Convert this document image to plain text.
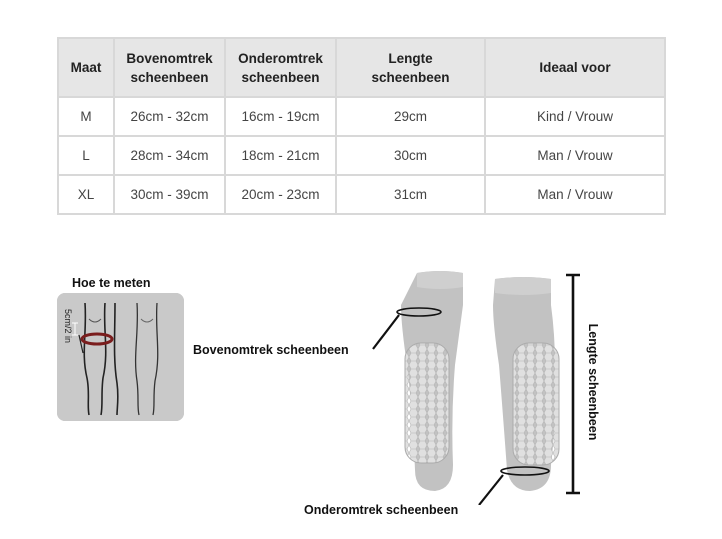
Maat	Bovenomtrek scheenbeen	Onderomtrek scheenbeen	Lengte scheenbeen	Ideaal voor
M	26cm - 32cm	16cm - 19cm	29cm	Kind / Vrouw
L	28cm - 34cm	18cm - 21cm	30cm	Man / Vrouw
XL	30cm - 39cm	20cm - 23cm	31cm	Man / Vrouw
Hoe te meten
5cm/2 in
Bovenomtrek scheenbeen
Onderomtrek scheenbeen
Lengte scheenbeen
